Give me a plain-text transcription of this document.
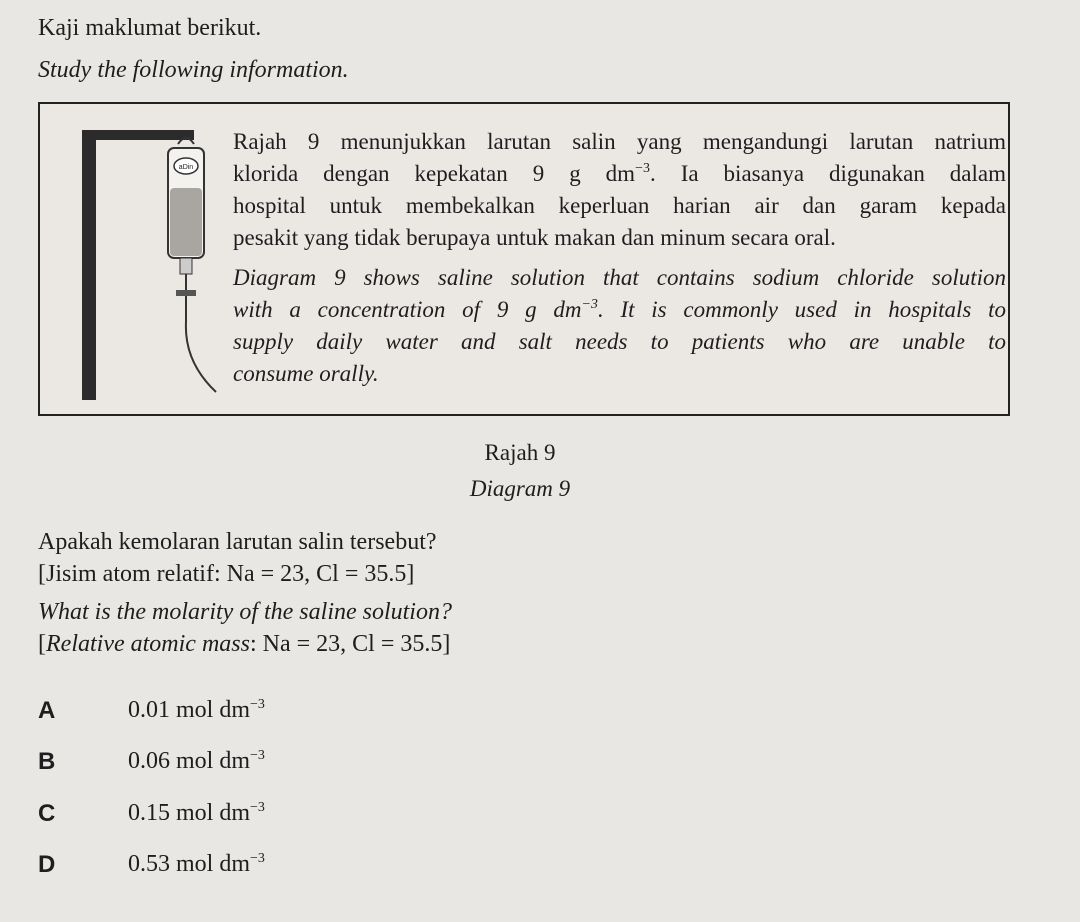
Kaji maklumat berikut.
Study the following information.
aDin
Rajah 9 menunjukkan larutan salin yang mengandungi larutan natrium
klorida dengan kepekatan 9 g $dm^{-3}$. Ia biasanya digunakan dalam
hospital untuk membekalkan keperluan harian air dan garam kepada
pesakit yang tidak berupaya untuk makan dan minum secara oral.
Diagram 9 shows saline solution that contains sodium chloride solution
with a concentration of 9 g $dm^{-3}$. It is commonly used in hospitals to
supply daily water and salt needs to patients who are unable to
consume orally.
Rajah 9
Diagram 9
Apakah kemolaran larutan salin tersebut?
[Jisim atom relatif: Na = 23, Cl = 35.5]
What is the molarity of the saline solution?
[Relative atomic mass: Na = 23, Cl = 35.5]
A	0.01 mol $dm^{-3}$
B	0.06 mol $dm^{-3}$
C	0.15 mol $dm^{-3}$
D	0.53 mol $dm^{-3}$
